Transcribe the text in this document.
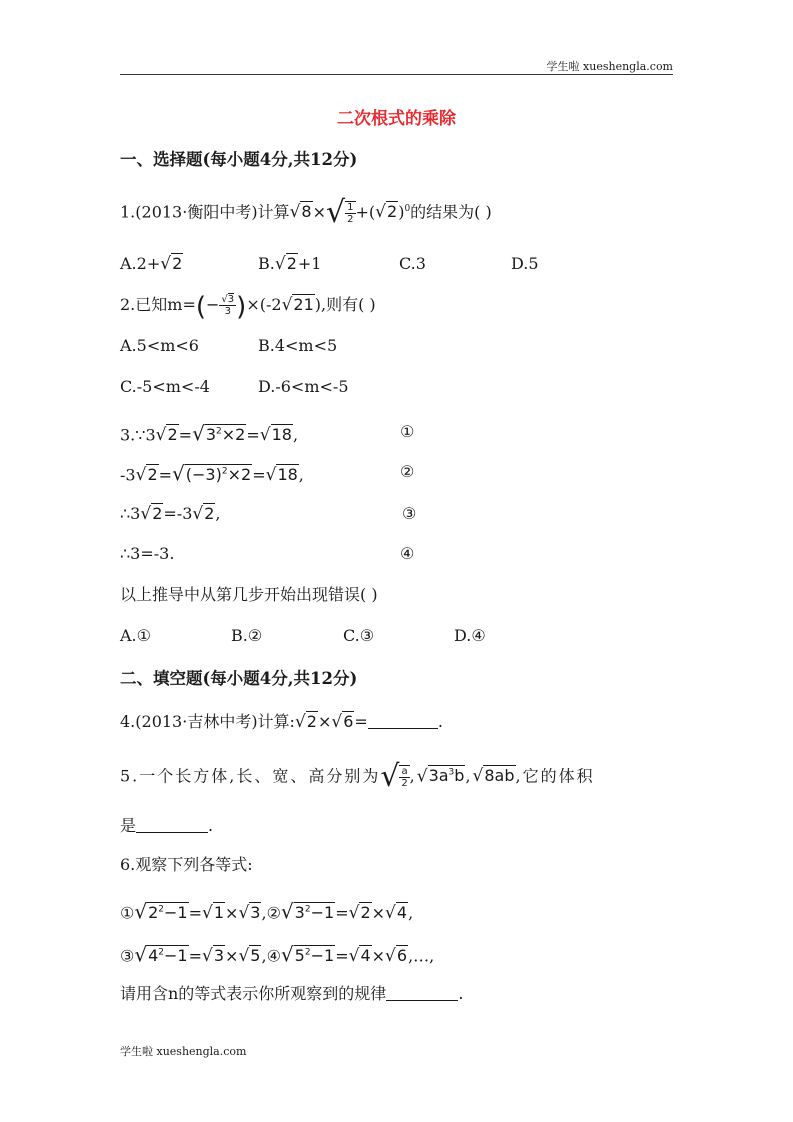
学生啦 xueshengla.com
二次根式的乘除
一、选择题(每小题4分,共12分)
1.(2013·衡阳中考)计算$√8\times√ \frac{1}{2} +(√2)^0$的结果为( )
A.2+√2	B.√2+1	C.3	D.5
2.已知$m=(- \frac{√3}{3} )\times(-2√21)$,则有( )
A.5<m<6	B.4<m<5
C.-5<m<-4	D.-6<m<-5
$3.\because 3√2=√3^2\times 2=√18$,	①
$-3√2=√(-3)^2\times 2=√18$,	②
∴3√2=-3√2,	③
∴3=-3.	④
以上推导中从第几步开始出现错误( )
A.①	B.②	C.③	D.④
二、填空题(每小题4分,共12分)
4.(2013·吉林中考)计算:√2×√6=	.
5.一个长方体,长、宽、高分别为√ $\frac{a}{2} ,√3a^3b,√8ab$,它的体积
是	.
6.观察下列各等式:
$①√2^2-1=√1\times√3,②√3^2-1=√2\times√4$,
$③√4^2-1=√3\times√5,④√5^2-1=√4\times√6,\dots$,
请用含n的等式表示你所观察到的规律	.
学生啦 xueshengla.com
